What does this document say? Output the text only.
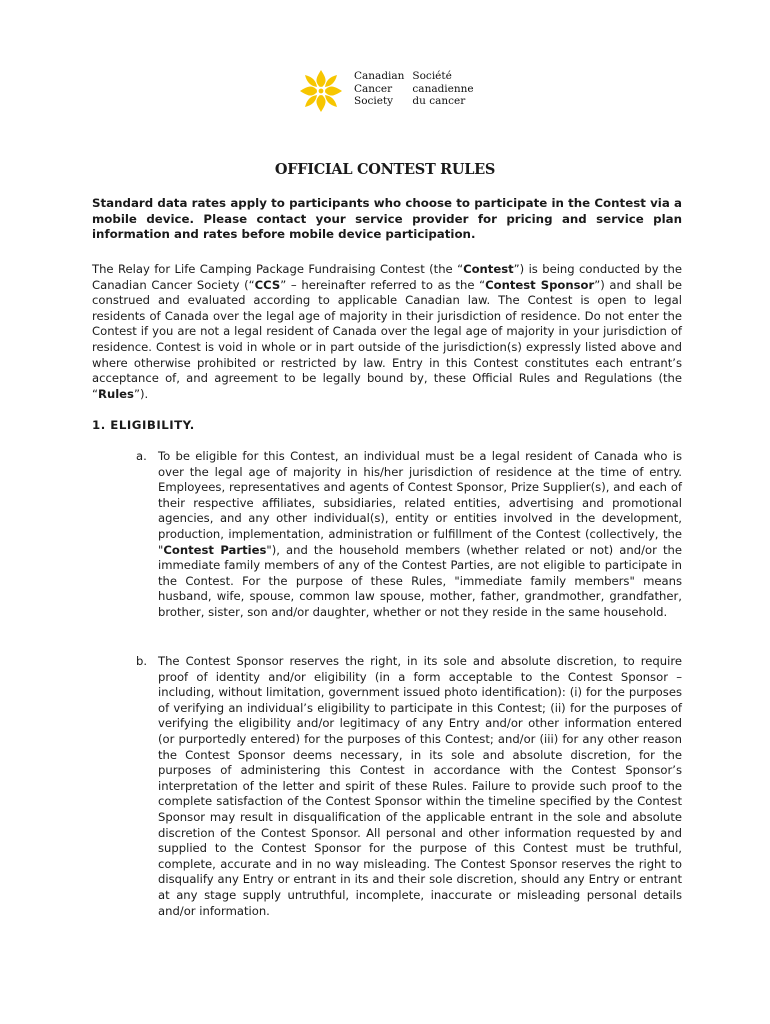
Canadian
Cancer
Society
Société
canadienne
du cancer
OFFICIAL CONTEST RULES
Standard data rates apply to participants who choose to participate in the Contest via a mobile device. Please contact your service provider for pricing and service plan information and rates before mobile device participation.
The Relay for Life Camping Package Fundraising Contest (the “Contest”) is being conducted by the Canadian Cancer Society (“CCS” – hereinafter referred to as the “Contest Sponsor”) and shall be construed and evaluated according to applicable Canadian law. The Contest is open to legal residents of Canada over the legal age of majority in their jurisdiction of residence. Do not enter the Contest if you are not a legal resident of Canada over the legal age of majority in your jurisdiction of residence. Contest is void in whole or in part outside of the jurisdiction(s) expressly listed above and where otherwise prohibited or restricted by law. Entry in this Contest constitutes each entrant’s acceptance of, and agreement to be legally bound by, these Official Rules and Regulations (the “Rules”).
1. ELIGIBILITY.
a. To be eligible for this Contest, an individual must be a legal resident of Canada who is over the legal age of majority in his/her jurisdiction of residence at the time of entry. Employees, representatives and agents of Contest Sponsor, Prize Supplier(s), and each of their respective affiliates, subsidiaries, related entities, advertising and promotional agencies, and any other individual(s), entity or entities involved in the development, production, implementation, administration or fulfillment of the Contest (collectively, the "Contest Parties"), and the household members (whether related or not) and/or the immediate family members of any of the Contest Parties, are not eligible to participate in the Contest. For the purpose of these Rules, "immediate family members" means husband, wife, spouse, common law spouse, mother, father, grandmother, grandfather, brother, sister, son and/or daughter, whether or not they reside in the same household.
b. The Contest Sponsor reserves the right, in its sole and absolute discretion, to require proof of identity and/or eligibility (in a form acceptable to the Contest Sponsor – including, without limitation, government issued photo identification): (i) for the purposes of verifying an individual’s eligibility to participate in this Contest; (ii) for the purposes of verifying the eligibility and/or legitimacy of any Entry and/or other information entered (or purportedly entered) for the purposes of this Contest; and/or (iii) for any other reason the Contest Sponsor deems necessary, in its sole and absolute discretion, for the purposes of administering this Contest in accordance with the Contest Sponsor’s interpretation of the letter and spirit of these Rules. Failure to provide such proof to the complete satisfaction of the Contest Sponsor within the timeline specified by the Contest Sponsor may result in disqualification of the applicable entrant in the sole and absolute discretion of the Contest Sponsor. All personal and other information requested by and supplied to the Contest Sponsor for the purpose of this Contest must be truthful, complete, accurate and in no way misleading. The Contest Sponsor reserves the right to disqualify any Entry or entrant in its and their sole discretion, should any Entry or entrant at any stage supply untruthful, incomplete, inaccurate or misleading personal details and/or information.
